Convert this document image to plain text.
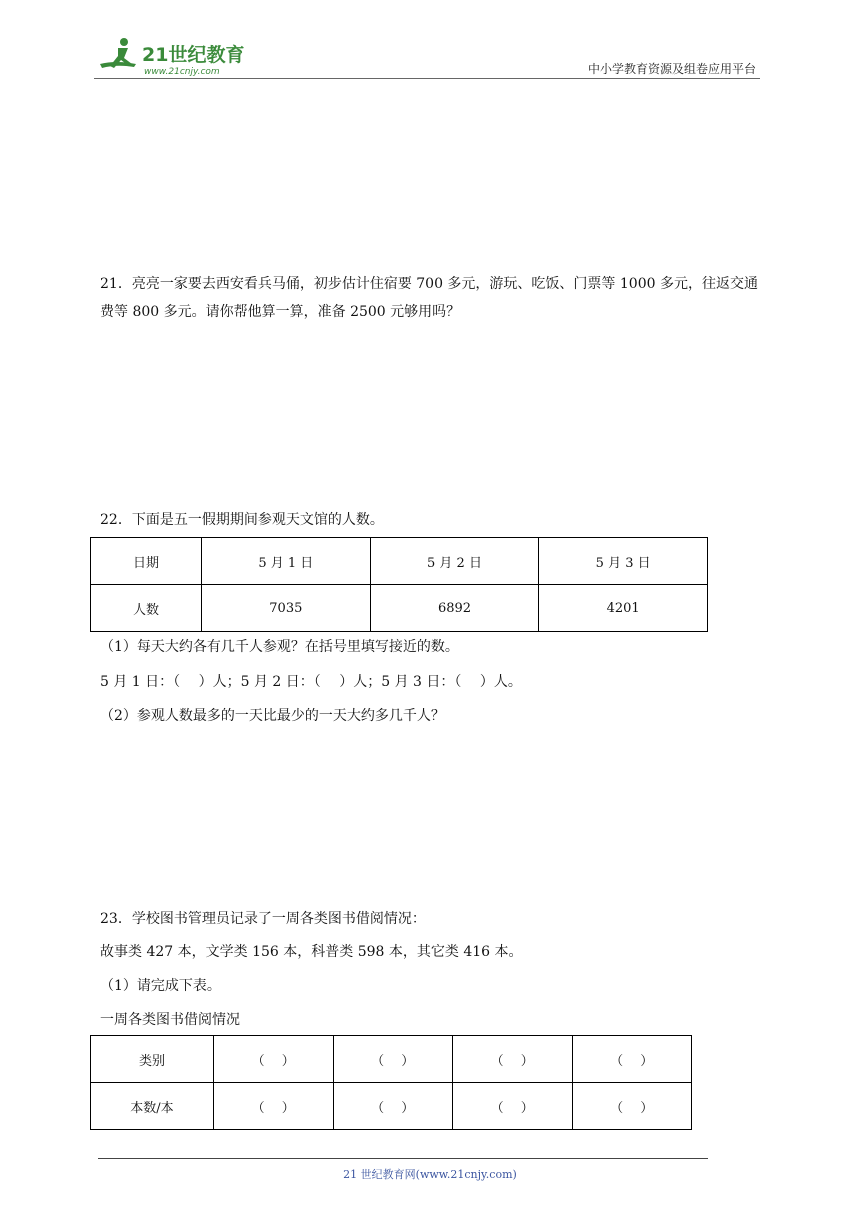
21世纪教育
www.21cnjy.com	中小学教育资源及组卷应用平台
21．亮亮一家要去西安看兵马俑，初步估计住宿要 700 多元，游玩、吃饭、门票等 1000 多元，往返交通费等 800 多元。请你帮他算一算，准备 2500 元够用吗？
22．下面是五一假期期间参观天文馆的人数。
日期	5 月 1 日	5 月 2 日	5 月 3 日
人数	7035	6892	4201
（1）每天大约各有几千人参观？在括号里填写接近的数。
5 月 1 日：（　 ）人；5 月 2 日：（　 ）人；5 月 3 日：（　 ）人。
（2）参观人数最多的一天比最少的一天大约多几千人？
23．学校图书管理员记录了一周各类图书借阅情况：
故事类 427 本，文学类 156 本，科普类 598 本，其它类 416 本。
（1）请完成下表。
一周各类图书借阅情况
类别	（　 ）	（　 ）	（　 ）	（　 ）
本数/本	（　 ）	（　 ）	（　 ）	（　 ）
21 世纪教育网(www.21cnjy.com)
